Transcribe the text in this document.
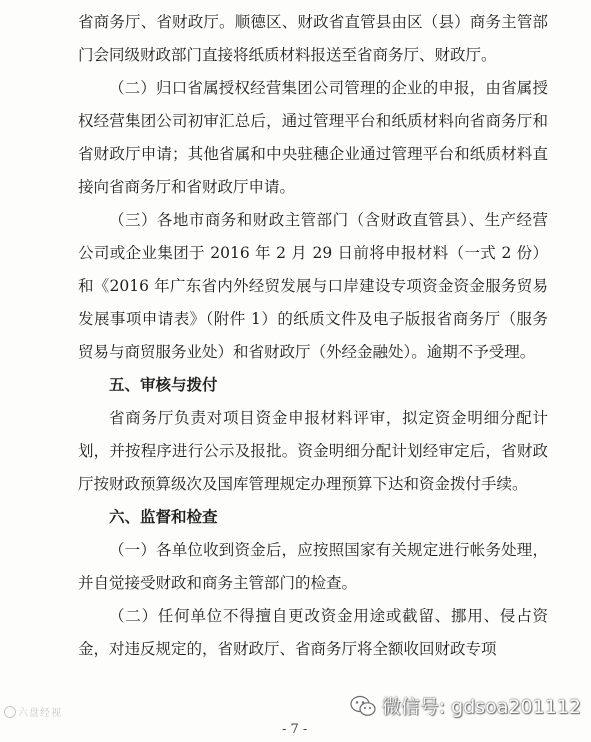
省商务厅、省财政厅。顺德区、财政省直管县由区（县）商务主管部门会同级财政部门直接将纸质材料报送至省商务厅、财政厅。

（二）归口省属授权经营集团公司管理的企业的申报，由省属授权经营集团公司初审汇总后，通过管理平台和纸质材料向省商务厅和省财政厅申请；其他省属和中央驻穗企业通过管理平台和纸质材料直接向省商务厅和省财政厅申请。

（三）各地市商务和财政主管部门（含财政直管县）、生产经营公司或企业集团于 2016 年 2 月 29 日前将申报材料（一式 2 份）和《2016 年广东省内外经贸发展与口岸建设专项资金资金服务贸易发展事项申请表》（附件 1）的纸质文件及电子版报省商务厅（服务贸易与商贸服务业处）和省财政厅（外经金融处）。逾期不予受理。

五、审核与拨付

省商务厅负责对项目资金申报材料评审，拟定资金明细分配计划，并按程序进行公示及报批。资金明细分配计划经审定后，省财政厅按财政预算级次及国库管理规定办理预算下达和资金拨付手续。

六、监督和检查

（一）各单位收到资金后，应按照国家有关规定进行帐务处理，并自觉接受财政和商务主管部门的检查。

（二）任何单位不得擅自更改资金用途或截留、挪用、侵占资金，对违反规定的，省财政厅、省商务厅将全额收回财政专项

六盘经视	微信号: gdsoa201112
- 7 -
